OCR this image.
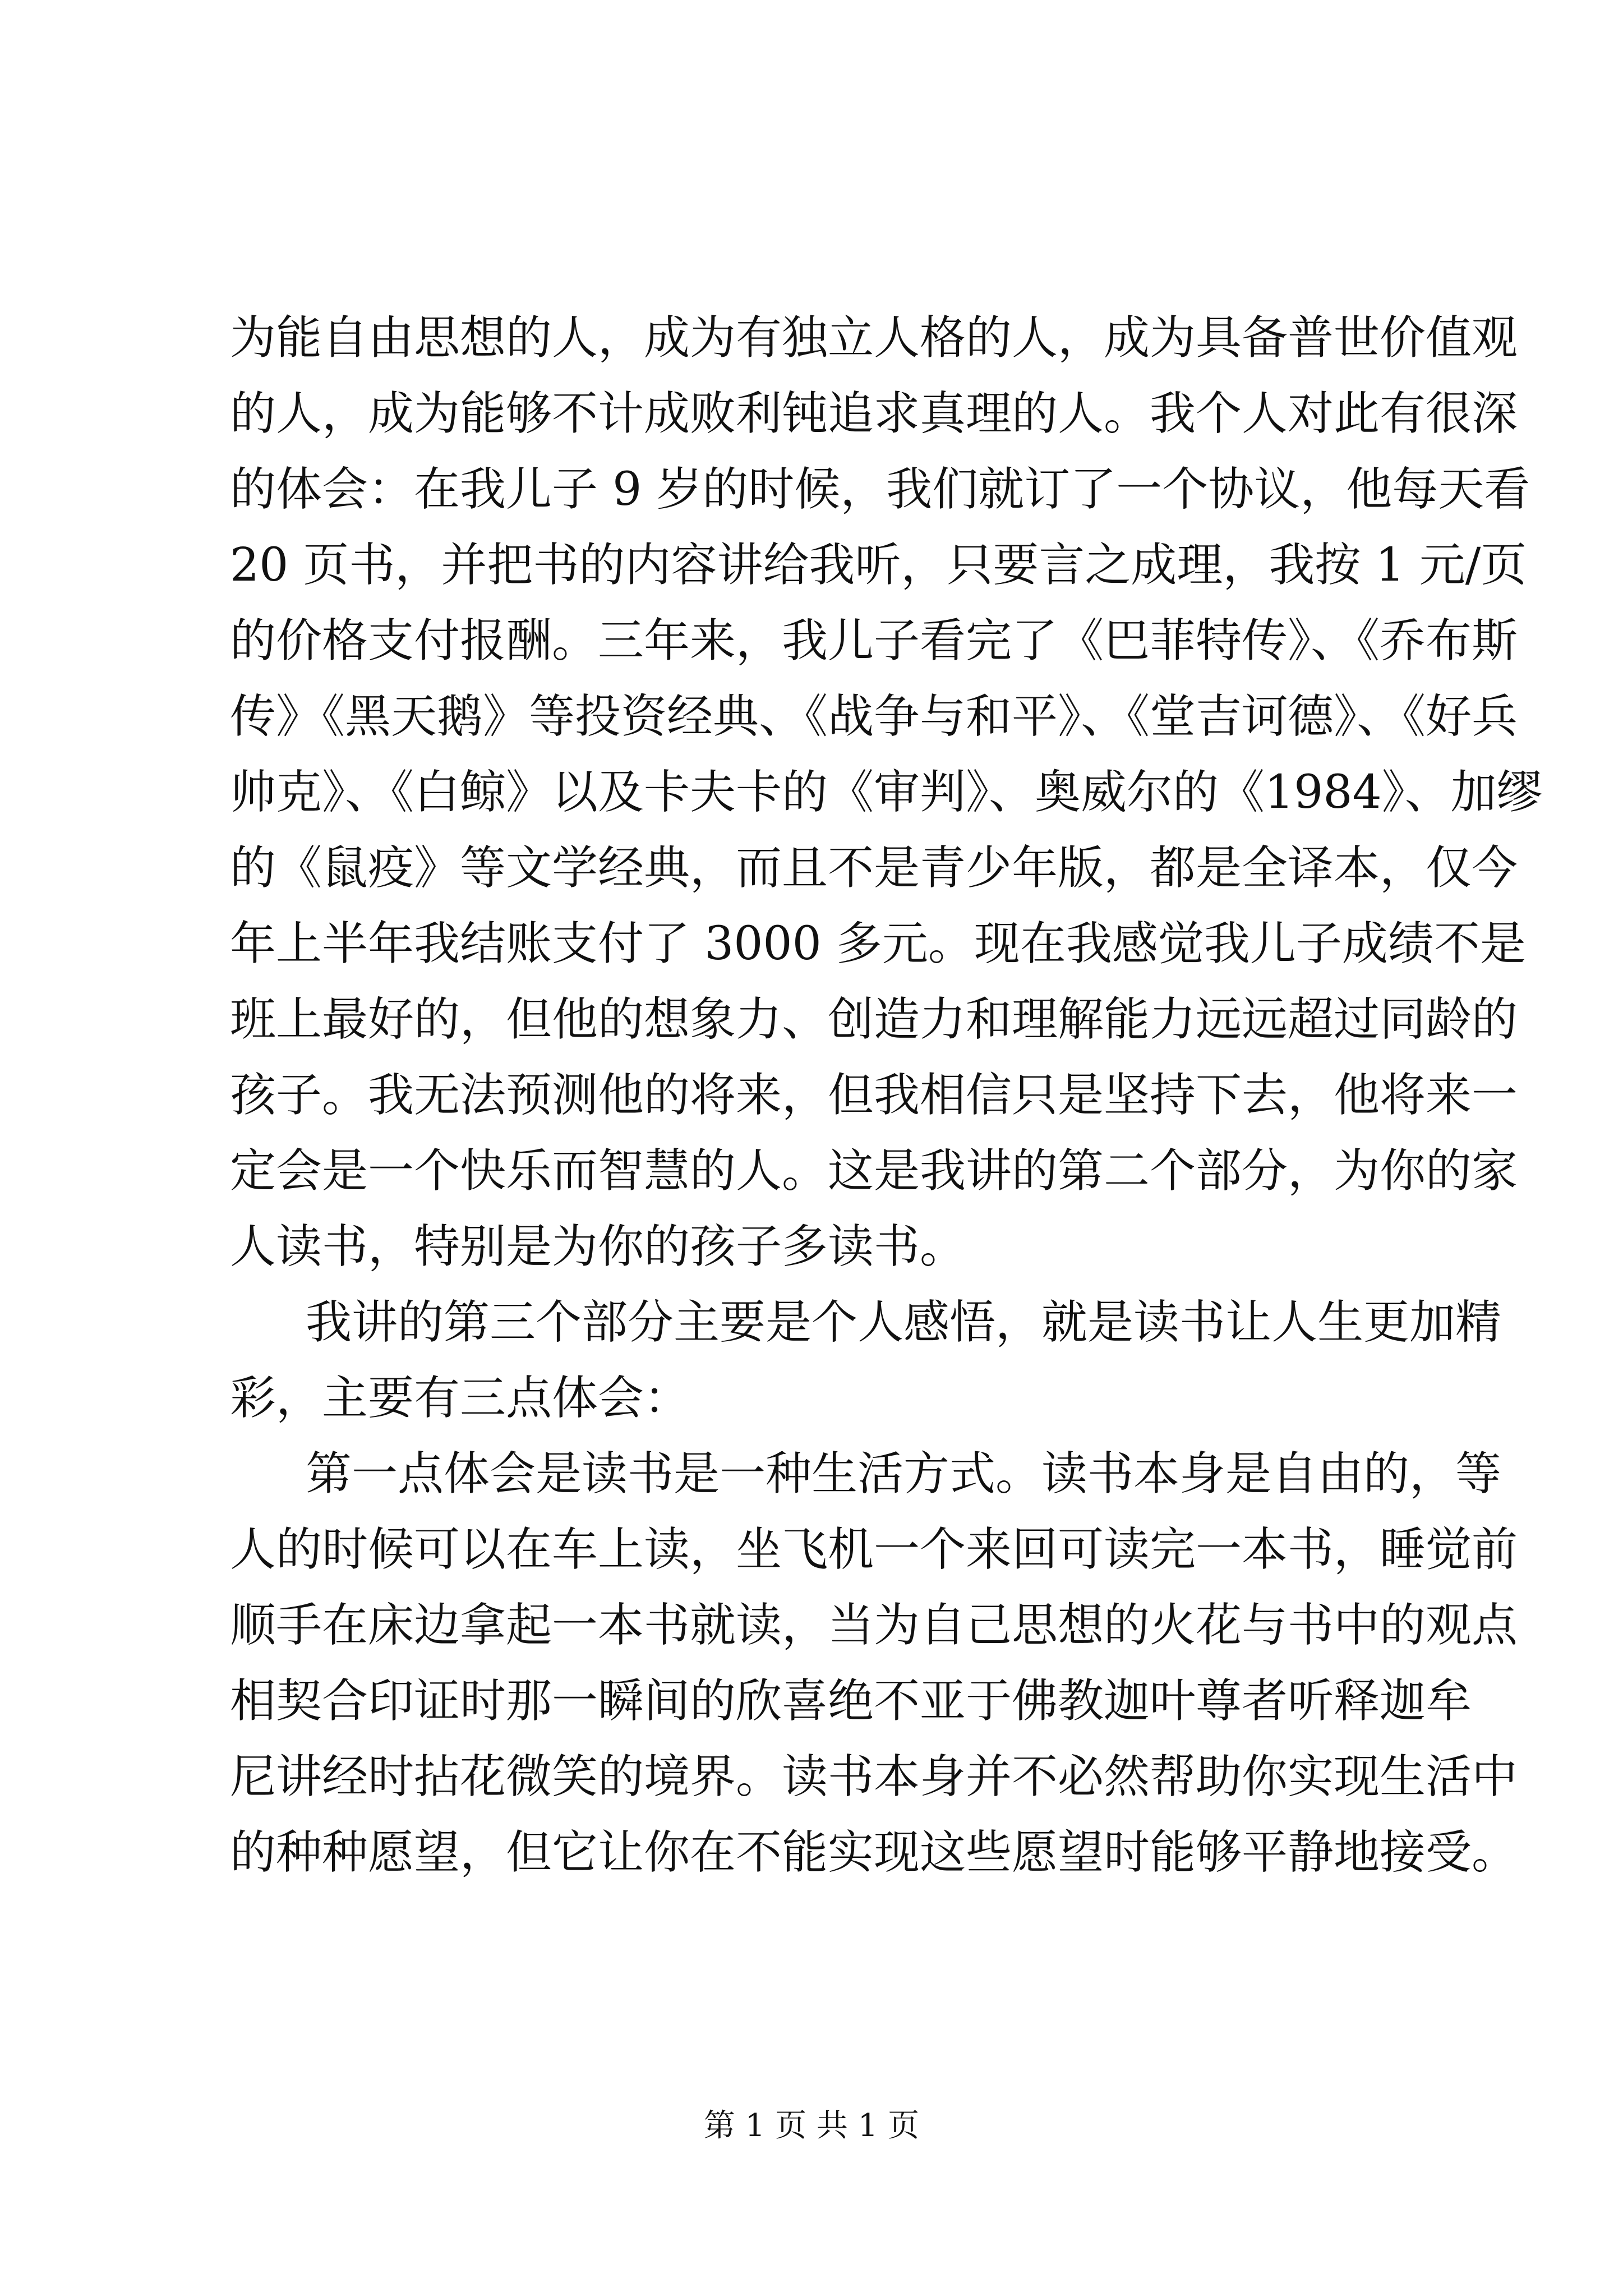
为能自由思想的人，成为有独立人格的人，成为具备普世价值观
的人，成为能够不计成败利钝追求真理的人。我个人对此有很深
的体会：在我儿子 9 岁的时候，我们就订了一个协议，他每天看
20 页书，并把书的内容讲给我听，只要言之成理，我按 1 元/页
的价格支付报酬。三年来，我儿子看完了《巴菲特传》、《乔布斯
传》《黑天鹅》等投资经典、《战争与和平》、《堂吉诃德》、《好兵
帅克》、《白鲸》以及卡夫卡的《审判》、奥威尔的《1984》、加缪
的《鼠疫》等文学经典，而且不是青少年版，都是全译本，仅今
年上半年我结账支付了 3000 多元。现在我感觉我儿子成绩不是
班上最好的，但他的想象力、创造力和理解能力远远超过同龄的
孩子。我无法预测他的将来，但我相信只是坚持下去，他将来一
定会是一个快乐而智慧的人。这是我讲的第二个部分，为你的家
人读书，特别是为你的孩子多读书。
我讲的第三个部分主要是个人感悟，就是读书让人生更加精
彩，主要有三点体会：
第一点体会是读书是一种生活方式。读书本身是自由的，等
人的时候可以在车上读，坐飞机一个来回可读完一本书，睡觉前
顺手在床边拿起一本书就读，当为自己思想的火花与书中的观点
相契合印证时那一瞬间的欣喜绝不亚于佛教迦叶尊者听释迦牟
尼讲经时拈花微笑的境界。读书本身并不必然帮助你实现生活中
的种种愿望，但它让你在不能实现这些愿望时能够平静地接受。
第 1 页 共 1 页
